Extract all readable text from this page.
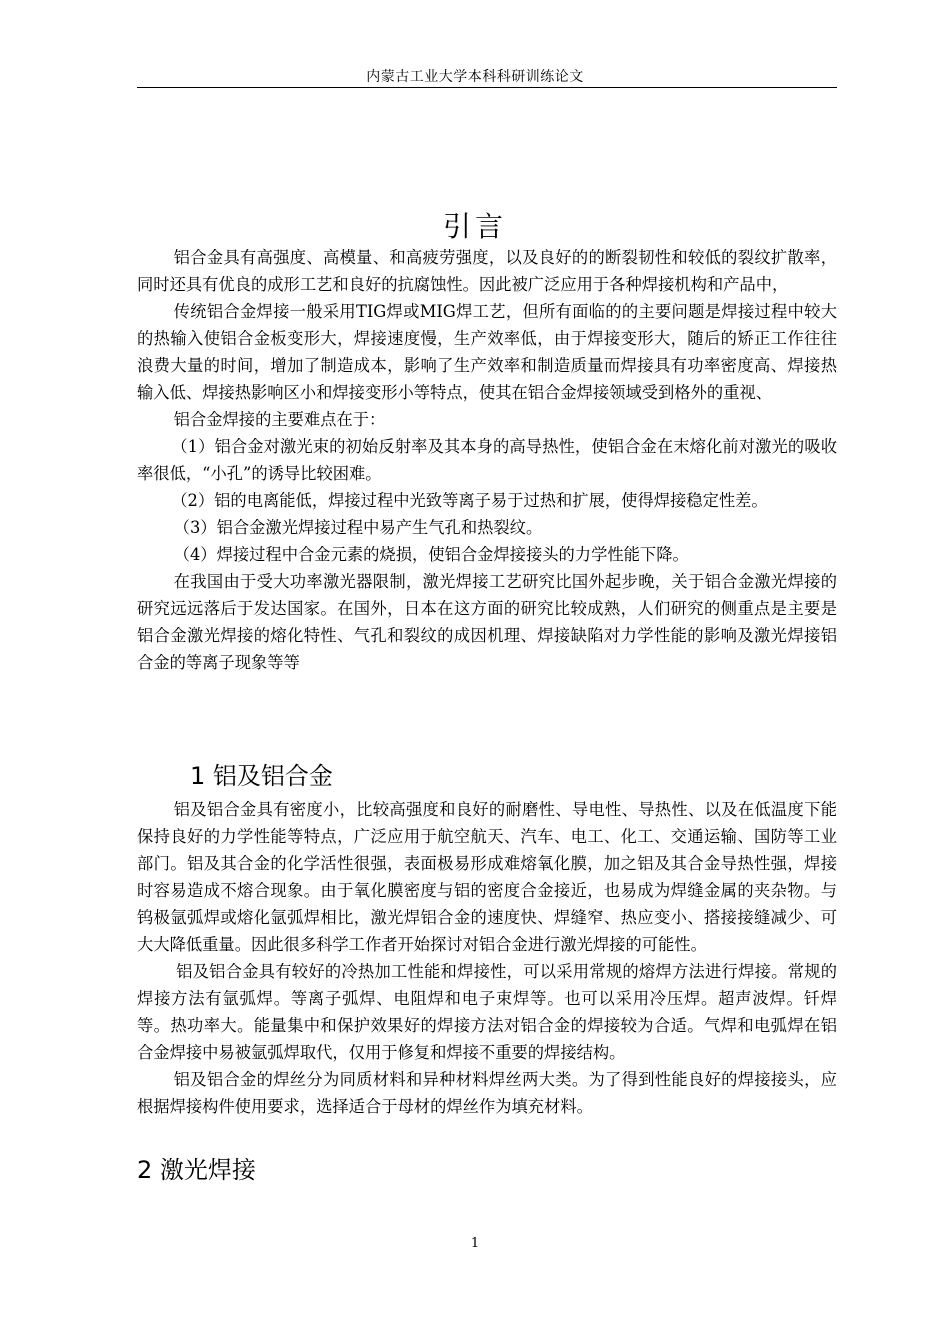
内蒙古工业大学本科科研训练论文
引言

铝合金具有高强度、高模量、和高疲劳强度，以及良好的的断裂韧性和较低的裂纹扩散率，同时还具有优良的成形工艺和良好的抗腐蚀性。因此被广泛应用于各种焊接机构和产品中，

传统铝合金焊接一般采用TIG焊或MIG焊工艺，但所有面临的的主要问题是焊接过程中较大的热输入使铝合金板变形大，焊接速度慢，生产效率低，由于焊接变形大，随后的矫正工作往往浪费大量的时间，增加了制造成本，影响了生产效率和制造质量而焊接具有功率密度高、焊接热输入低、焊接热影响区小和焊接变形小等特点，使其在铝合金焊接领域受到格外的重视、

铝合金焊接的主要难点在于：

（1）铝合金对激光束的初始反射率及其本身的高导热性，使铝合金在末熔化前对激光的吸收率很低，“小孔”的诱导比较困难。

（2）铝的电离能低，焊接过程中光致等离子易于过热和扩展，使得焊接稳定性差。

（3）铝合金激光焊接过程中易产生气孔和热裂纹。

（4）焊接过程中合金元素的烧损，使铝合金焊接接头的力学性能下降。

在我国由于受大功率激光器限制，激光焊接工艺研究比国外起步晚，关于铝合金激光焊接的研究远远落后于发达国家。在国外，日本在这方面的研究比较成熟，人们研究的侧重点是主要是铝合金激光焊接的熔化特性、气孔和裂纹的成因机理、焊接缺陷对力学性能的影响及激光焊接铝合金的等离子现象等等

1 铝及铝合金

铝及铝合金具有密度小，比较高强度和良好的耐磨性、导电性、导热性、以及在低温度下能保持良好的力学性能等特点，广泛应用于航空航天、汽车、电工、化工、交通运输、国防等工业部门。铝及其合金的化学活性很强，表面极易形成难熔氧化膜，加之铝及其合金导热性强，焊接时容易造成不熔合现象。由于氧化膜密度与铝的密度合金接近，也易成为焊缝金属的夹杂物。与钨极氩弧焊或熔化氩弧焊相比，激光焊铝合金的速度快、焊缝窄、热应变小、搭接接缝减少、可大大降低重量。因此很多科学工作者开始探讨对铝合金进行激光焊接的可能性。

铝及铝合金具有较好的冷热加工性能和焊接性，可以采用常规的熔焊方法进行焊接。常规的焊接方法有氩弧焊。等离子弧焊、电阻焊和电子束焊等。也可以采用冷压焊。超声波焊。钎焊等。热功率大。能量集中和保护效果好的焊接方法对铝合金的焊接较为合适。气焊和电弧焊在铝合金焊接中易被氩弧焊取代，仅用于修复和焊接不重要的焊接结构。

铝及铝合金的焊丝分为同质材料和异种材料焊丝两大类。为了得到性能良好的焊接接头，应根据焊接构件使用要求，选择适合于母材的焊丝作为填充材料。

2 激光焊接
1
